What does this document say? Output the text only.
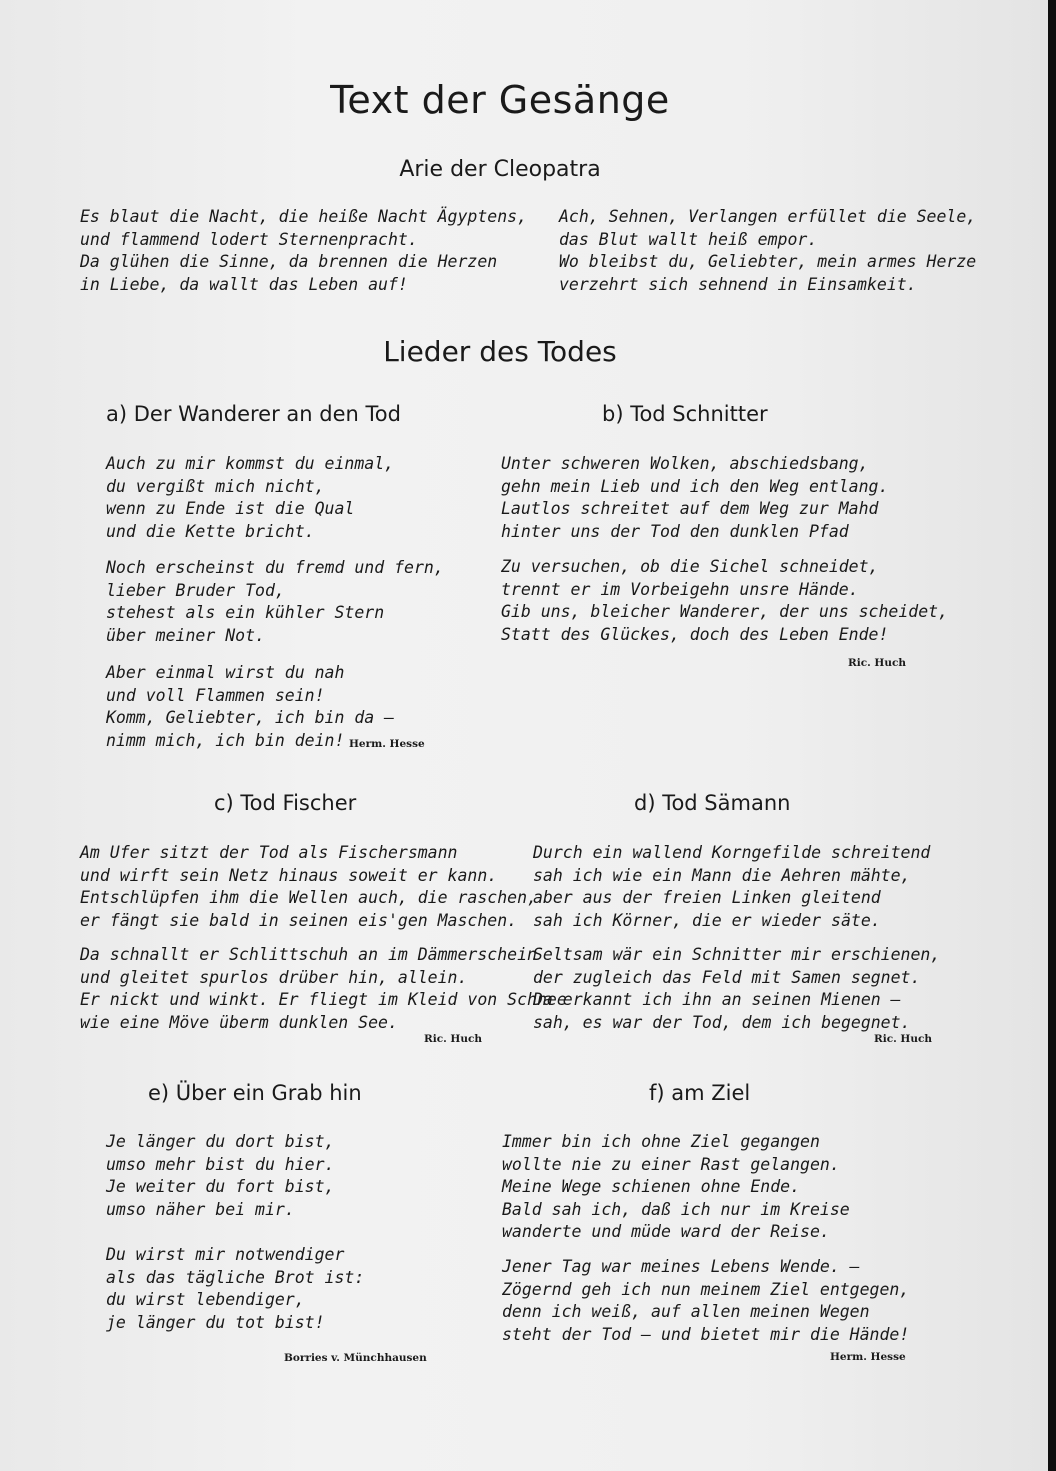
Text der Gesänge
Arie der Cleopatra
Es blaut die Nacht, die heiße Nacht Ägyptens,
und flammend lodert Sternenpracht.
Da glühen die Sinne, da brennen die Herzen
in Liebe, da wallt das Leben auf!
Ach, Sehnen, Verlangen erfüllet die Seele,
das Blut wallt heiß empor.
Wo bleibst du, Geliebter, mein armes Herze
verzehrt sich sehnend in Einsamkeit.
Lieder des Todes
a) Der Wanderer an den Tod
Auch zu mir kommst du einmal,
du vergißt mich nicht,
wenn zu Ende ist die Qual
und die Kette bricht.
Noch erscheinst du fremd und fern,
lieber Bruder Tod,
stehest als ein kühler Stern
über meiner Not.
Aber einmal wirst du nah
und voll Flammen sein!
Komm, Geliebter, ich bin da —
nimm mich, ich bin dein! Herm. Hesse
b) Tod Schnitter
Unter schweren Wolken, abschiedsbang,
gehn mein Lieb und ich den Weg entlang.
Lautlos schreitet auf dem Weg zur Mahd
hinter uns der Tod den dunklen Pfad
Zu versuchen, ob die Sichel schneidet,
trennt er im Vorbeigehn unsre Hände.
Gib uns, bleicher Wanderer, der uns scheidet,
Statt des Glückes, doch des Leben Ende!
Ric. Huch
c) Tod Fischer
Am Ufer sitzt der Tod als Fischersmann
und wirft sein Netz hinaus soweit er kann.
Entschlüpfen ihm die Wellen auch, die raschen,
er fängt sie bald in seinen eis'gen Maschen.
Da schnallt er Schlittschuh an im Dämmerschein
und gleitet spurlos drüber hin, allein.
Er nickt und winkt. Er fliegt im Kleid von Schnee
wie eine Möve überm dunklen See.
Ric. Huch
d) Tod Sämann
Durch ein wallend Korngefilde schreitend
sah ich wie ein Mann die Aehren mähte,
aber aus der freien Linken gleitend
sah ich Körner, die er wieder säte.
Seltsam wär ein Schnitter mir erschienen,
der zugleich das Feld mit Samen segnet.
Da erkannt ich ihn an seinen Mienen —
sah, es war der Tod, dem ich begegnet.
Ric. Huch
e) Über ein Grab hin
Je länger du dort bist,
umso mehr bist du hier.
Je weiter du fort bist,
umso näher bei mir.
Du wirst mir notwendiger
als das tägliche Brot ist:
du wirst lebendiger,
je länger du tot bist!
Borries v. Münchhausen
f) am Ziel
Immer bin ich ohne Ziel gegangen
wollte nie zu einer Rast gelangen.
Meine Wege schienen ohne Ende.
Bald sah ich, daß ich nur im Kreise
wanderte und müde ward der Reise.
Jener Tag war meines Lebens Wende. —
Zögernd geh ich nun meinem Ziel entgegen,
denn ich weiß, auf allen meinen Wegen
steht der Tod — und bietet mir die Hände!
Herm. Hesse
